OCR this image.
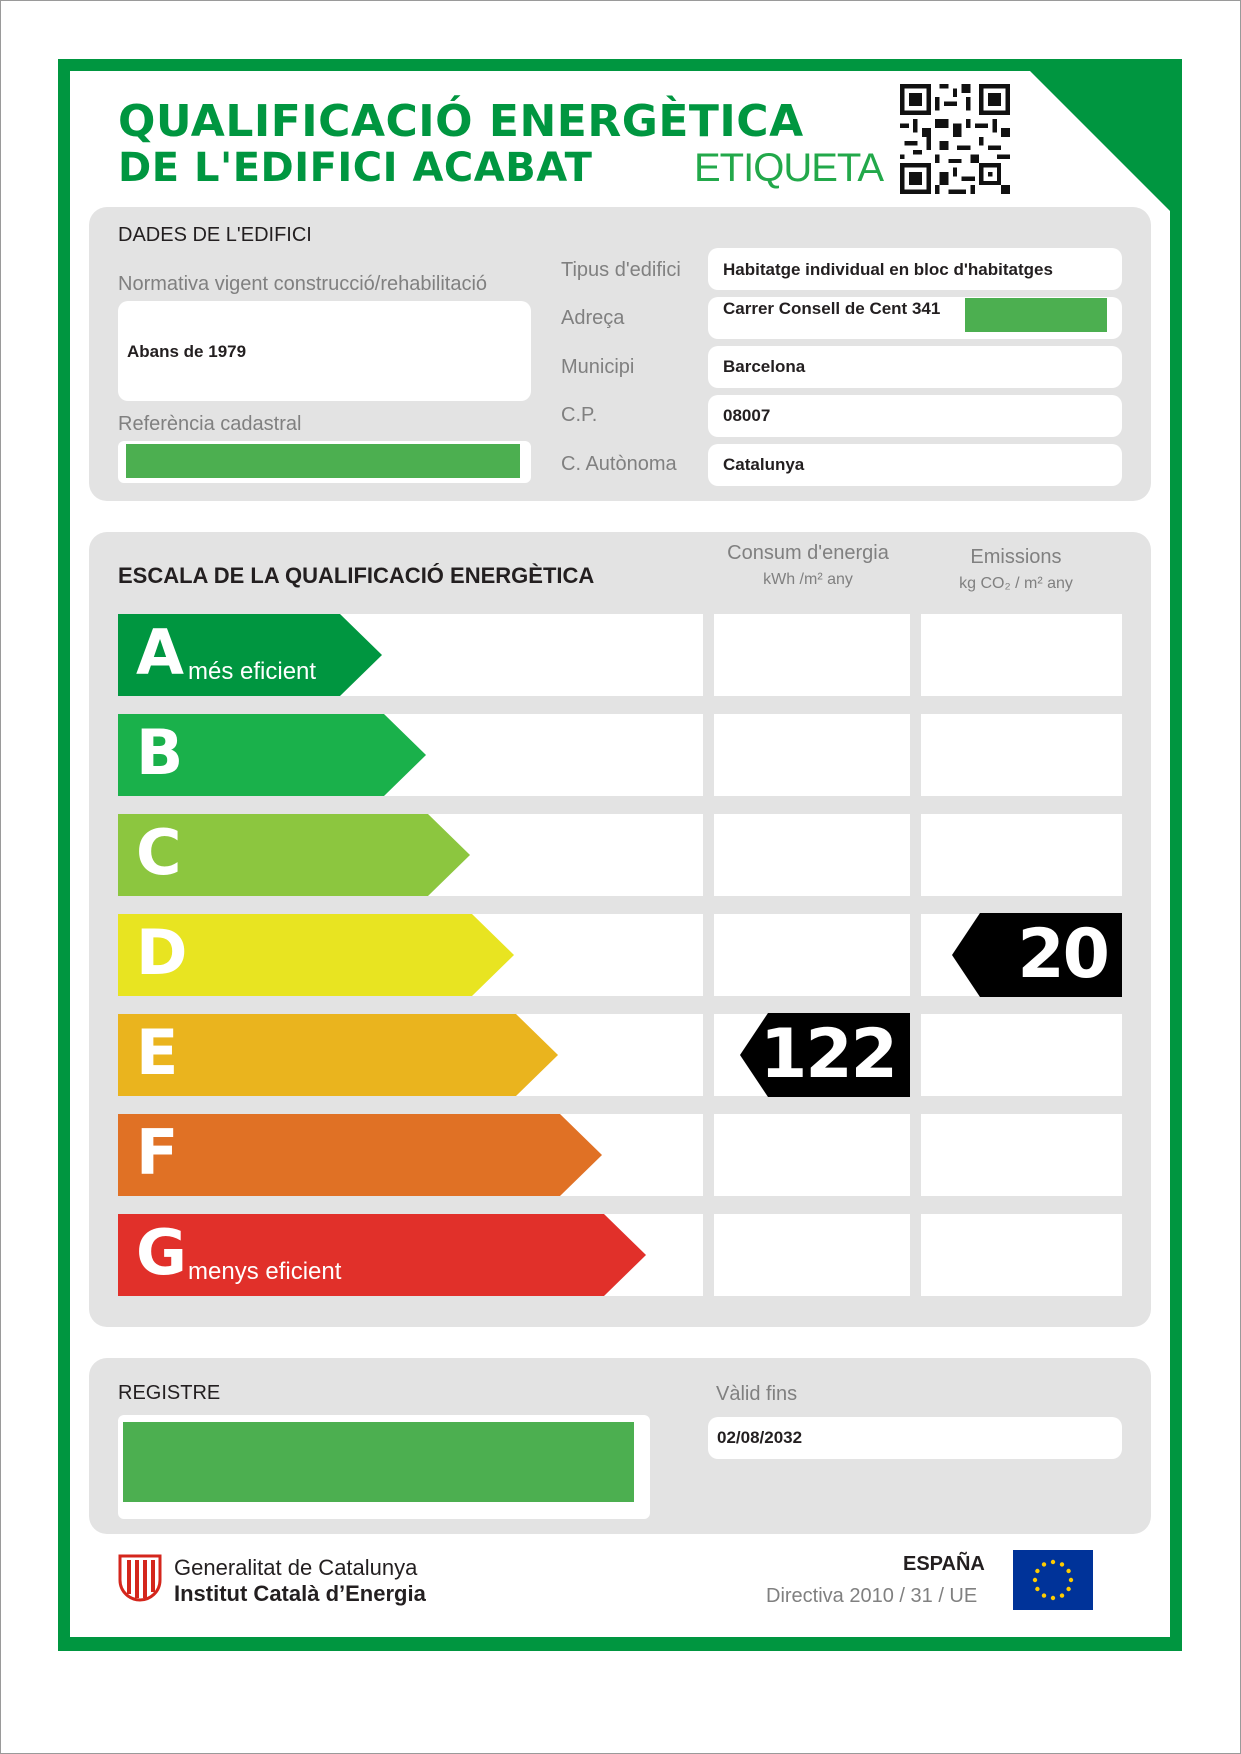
QUALIFICACIÓ ENERGÈTICA
DE L'EDIFICI ACABAT	ETIQUETA
DADES DE L'EDIFICI
Normativa vigent construcció/rehabilitació
Abans de 1979
Referència cadastral
Tipus d'edifici
Adreça
Municipi
C.P.
C. Autònoma
Habitatge individual en bloc d'habitatges
Carrer Consell de Cent 341
Barcelona
08007
Catalunya
ESCALA DE LA QUALIFICACIÓ ENERGÈTICA
Consum d'energia
kWh /m² any
Emissions
kg CO₂ / m² any
A més eficient
B
C
D
E
F
G menys eficient
122
20
REGISTRE	Vàlid fins
02/08/2032
Generalitat de Catalunya
Institut Català d’Energia
ESPAÑA
Directiva 2010 / 31 / UE
